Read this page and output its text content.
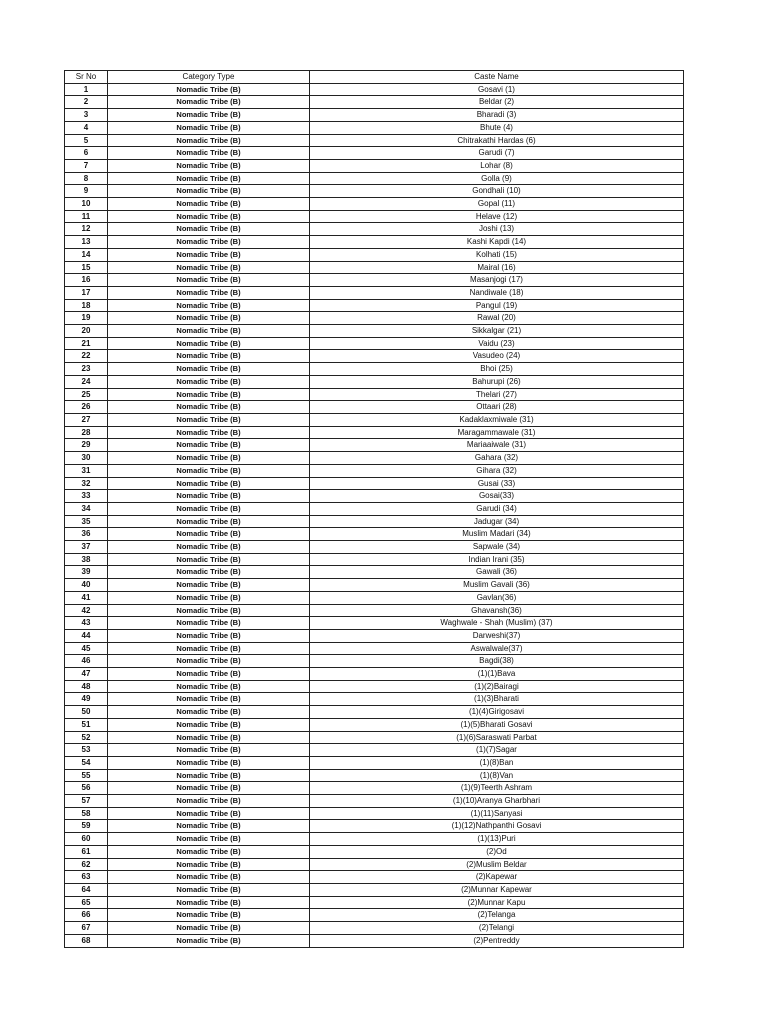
Sr No	Category Type	Caste Name
1	Nomadic Tribe (B)	Gosavi (1)
2	Nomadic Tribe (B)	Beldar (2)
3	Nomadic Tribe (B)	Bharadi (3)
4	Nomadic Tribe (B)	Bhute (4)
5	Nomadic Tribe (B)	Chitrakathi Hardas (6)
6	Nomadic Tribe (B)	Garudi (7)
7	Nomadic Tribe (B)	Lohar (8)
8	Nomadic Tribe (B)	Golla (9)
9	Nomadic Tribe (B)	Gondhali (10)
10	Nomadic Tribe (B)	Gopal (11)
11	Nomadic Tribe (B)	Helave (12)
12	Nomadic Tribe (B)	Joshi (13)
13	Nomadic Tribe (B)	Kashi Kapdi (14)
14	Nomadic Tribe (B)	Kolhati (15)
15	Nomadic Tribe (B)	Mairal (16)
16	Nomadic Tribe (B)	Masanjogi (17)
17	Nomadic Tribe (B)	Nandiwale (18)
18	Nomadic Tribe (B)	Pangul (19)
19	Nomadic Tribe (B)	Rawal (20)
20	Nomadic Tribe (B)	Sikkalgar (21)
21	Nomadic Tribe (B)	Vaidu (23)
22	Nomadic Tribe (B)	Vasudeo (24)
23	Nomadic Tribe (B)	Bhoi (25)
24	Nomadic Tribe (B)	Bahurupi (26)
25	Nomadic Tribe (B)	Thelari (27)
26	Nomadic Tribe (B)	Ottaari (28)
27	Nomadic Tribe (B)	Kadaklaxmiwale (31)
28	Nomadic Tribe (B)	Maragammawale (31)
29	Nomadic Tribe (B)	Mariaaiwale (31)
30	Nomadic Tribe (B)	Gahara (32)
31	Nomadic Tribe (B)	Gihara (32)
32	Nomadic Tribe (B)	Gusai (33)
33	Nomadic Tribe (B)	Gosai(33)
34	Nomadic Tribe (B)	Garudi (34)
35	Nomadic Tribe (B)	Jadugar (34)
36	Nomadic Tribe (B)	Muslim Madari (34)
37	Nomadic Tribe (B)	Sapwale (34)
38	Nomadic Tribe (B)	Indian Irani (35)
39	Nomadic Tribe (B)	Gawali (36)
40	Nomadic Tribe (B)	Muslim Gavali (36)
41	Nomadic Tribe (B)	Gavlan(36)
42	Nomadic Tribe (B)	Ghavansh(36)
43	Nomadic Tribe (B)	Waghwale - Shah (Muslim) (37)
44	Nomadic Tribe (B)	Darweshi(37)
45	Nomadic Tribe (B)	Aswalwale(37)
46	Nomadic Tribe (B)	Bagdi(38)
47	Nomadic Tribe (B)	(1)(1)Bava
48	Nomadic Tribe (B)	(1)(2)Bairagi
49	Nomadic Tribe (B)	(1)(3)Bharati
50	Nomadic Tribe (B)	(1)(4)Girigosavi
51	Nomadic Tribe (B)	(1)(5)Bharati Gosavi
52	Nomadic Tribe (B)	(1)(6)Saraswati Parbat
53	Nomadic Tribe (B)	(1)(7)Sagar
54	Nomadic Tribe (B)	(1)(8)Ban
55	Nomadic Tribe (B)	(1)(8)Van
56	Nomadic Tribe (B)	(1)(9)Teerth Ashram
57	Nomadic Tribe (B)	(1)(10)Aranya Gharbhari
58	Nomadic Tribe (B)	(1)(11)Sanyasi
59	Nomadic Tribe (B)	(1)(12)Nathpanthi Gosavi
60	Nomadic Tribe (B)	(1)(13)Puri
61	Nomadic Tribe (B)	(2)Od
62	Nomadic Tribe (B)	(2)Muslim Beldar
63	Nomadic Tribe (B)	(2)Kapewar
64	Nomadic Tribe (B)	(2)Munnar Kapewar
65	Nomadic Tribe (B)	(2)Munnar Kapu
66	Nomadic Tribe (B)	(2)Telanga
67	Nomadic Tribe (B)	(2)Telangi
68	Nomadic Tribe (B)	(2)Pentreddy
